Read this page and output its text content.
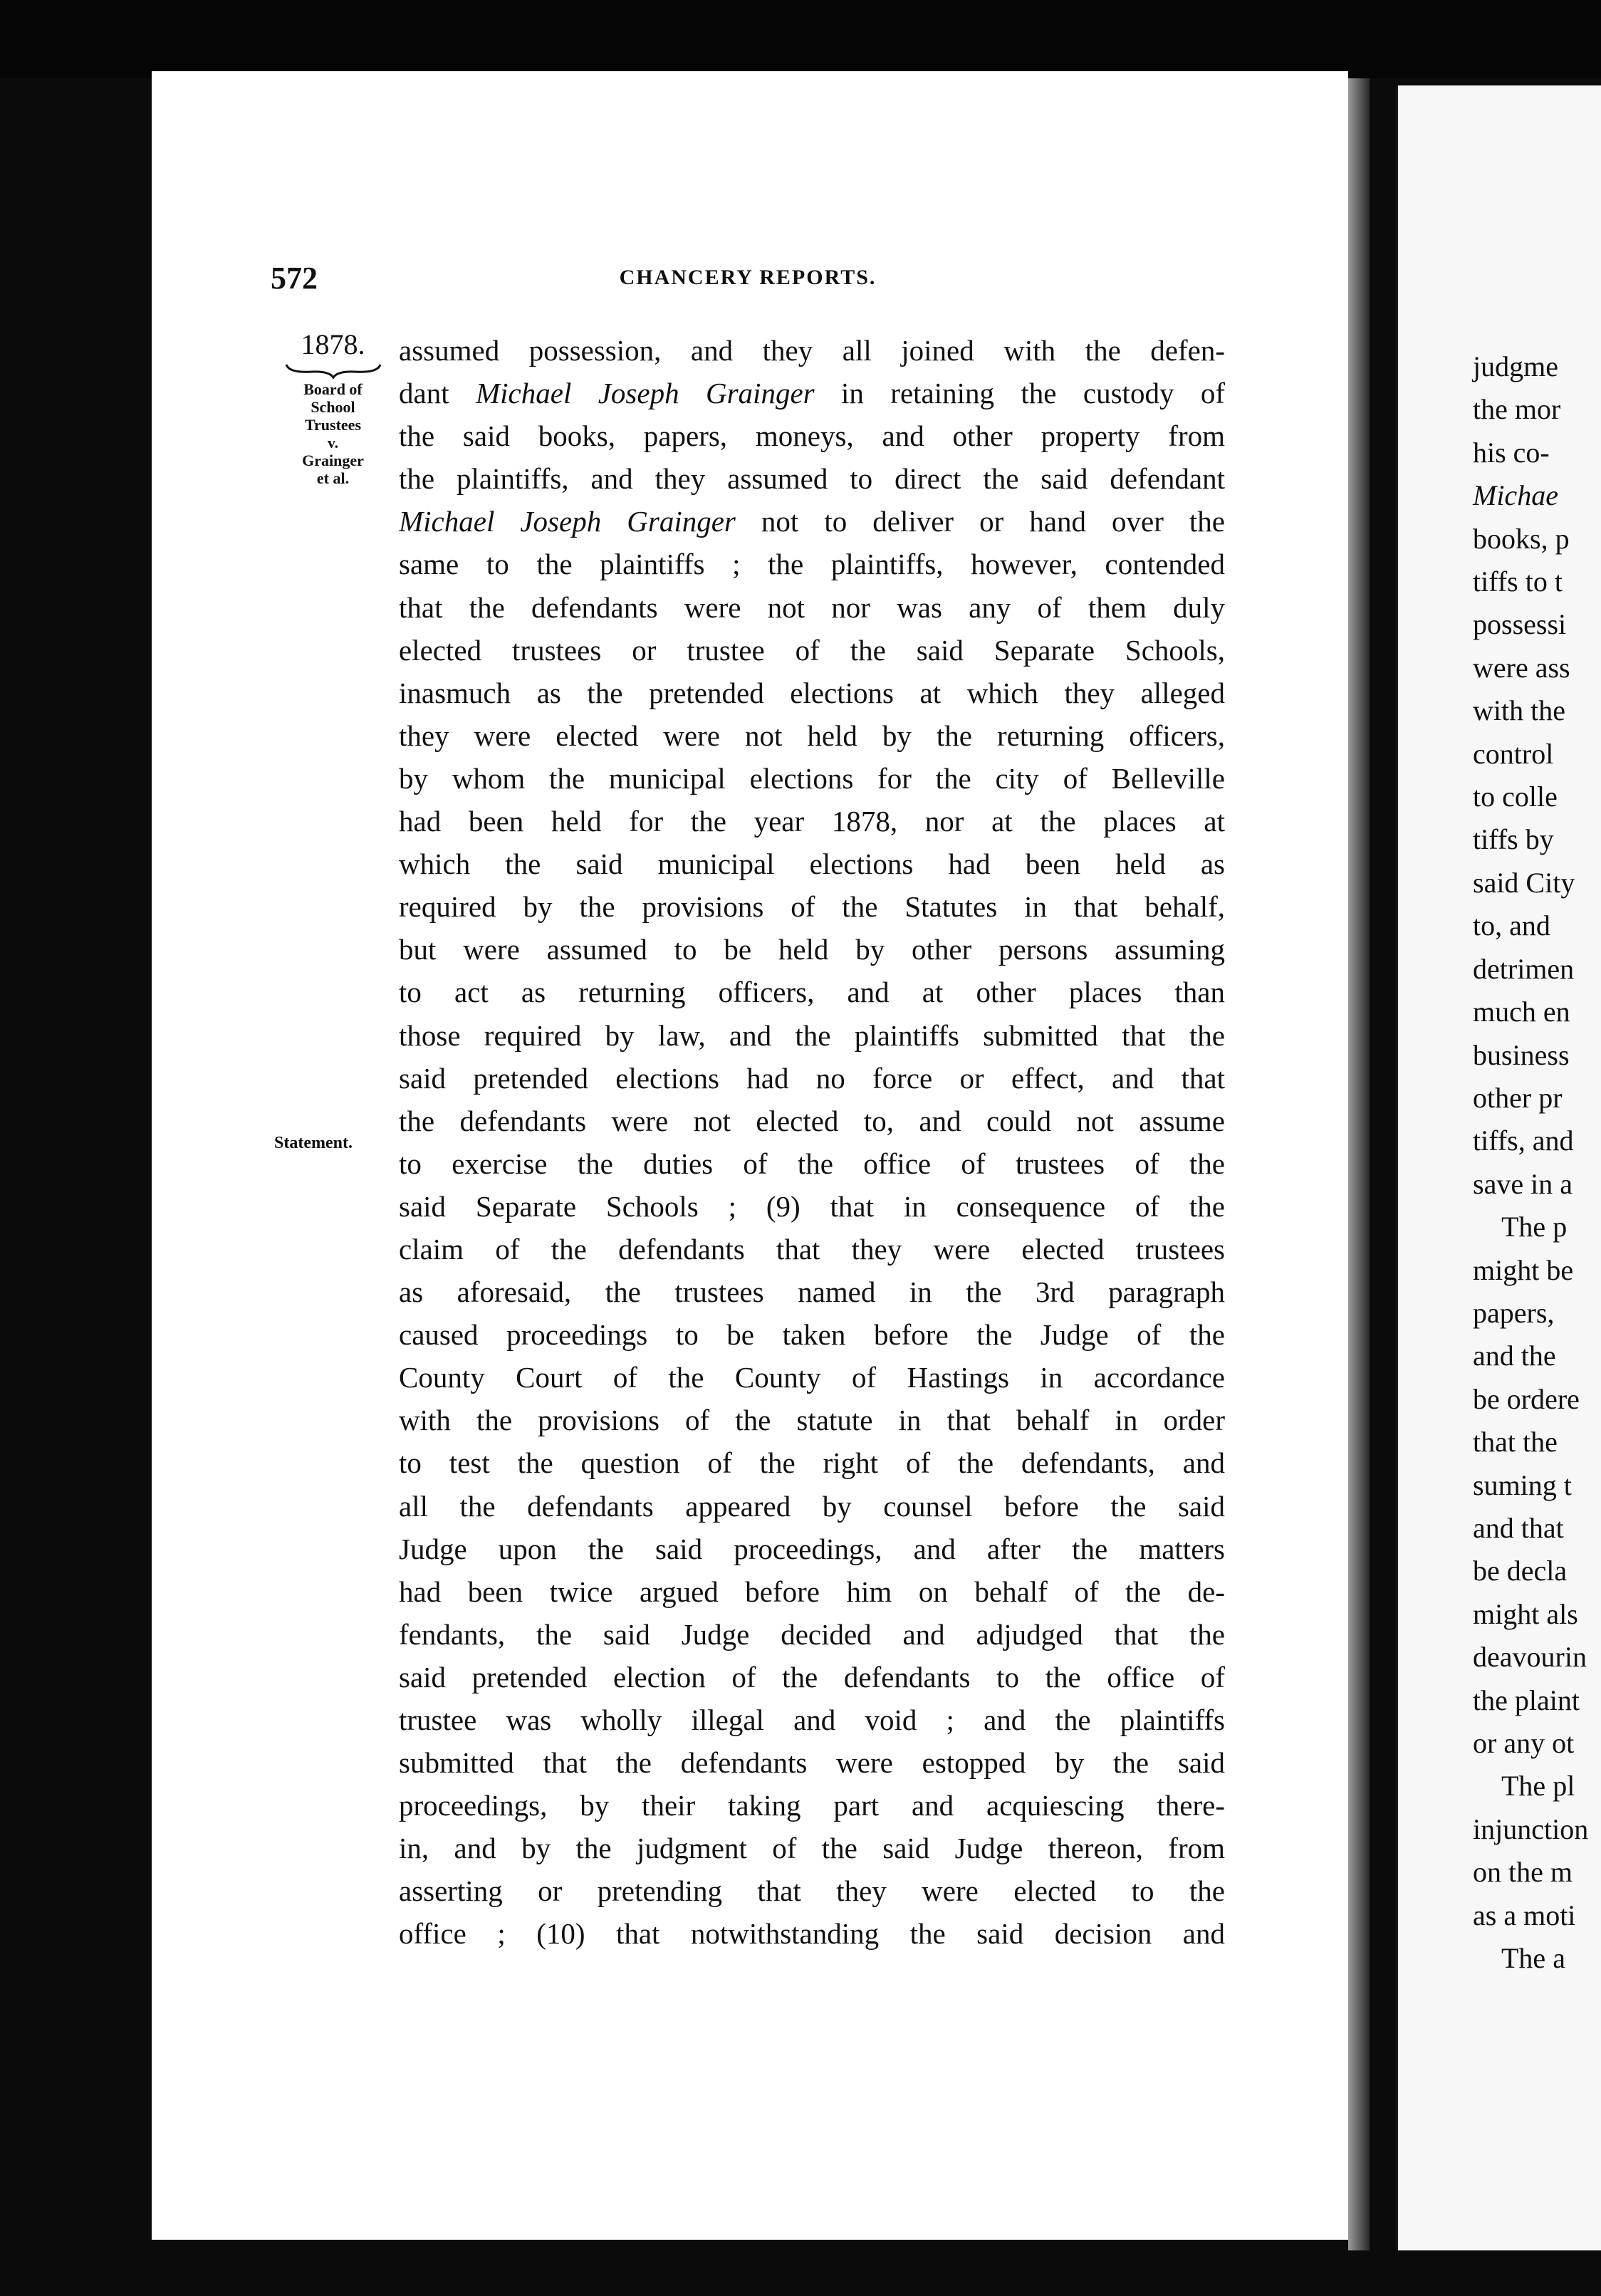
572	CHANCERY REPORTS.
1878.
Board of
School
Trustees
v.
Grainger
et al.
Statement.
assumed possession, and they all joined with the defen-
dant Michael Joseph Grainger in retaining the custody of
the said books, papers, moneys, and other property from
the plaintiffs, and they assumed to direct the said defendant
Michael Joseph Grainger not to deliver or hand over the
same to the plaintiffs ; the plaintiffs, however, contended
that the defendants were not nor was any of them duly
elected trustees or trustee of the said Separate Schools,
inasmuch as the pretended elections at which they alleged
they were elected were not held by the returning officers,
by whom the municipal elections for the city of Belleville
had been held for the year 1878, nor at the places at
which the said municipal elections had been held as
required by the provisions of the Statutes in that behalf,
but were assumed to be held by other persons assuming
to act as returning officers, and at other places than
those required by law, and the plaintiffs submitted that the
said pretended elections had no force or effect, and that
the defendants were not elected to, and could not assume
to exercise the duties of the office of trustees of the
said Separate Schools ; (9) that in consequence of the
claim of the defendants that they were elected trustees
as aforesaid, the trustees named in the 3rd paragraph
caused proceedings to be taken before the Judge of the
County Court of the County of Hastings in accordance
with the provisions of the statute in that behalf in order
to test the question of the right of the defendants, and
all the defendants appeared by counsel before the said
Judge upon the said proceedings, and after the matters
had been twice argued before him on behalf of the de-
fendants, the said Judge decided and adjudged that the
said pretended election of the defendants to the office of
trustee was wholly illegal and void ; and the plaintiffs
submitted that the defendants were estopped by the said
proceedings, by their taking part and acquiescing there-
in, and by the judgment of the said Judge thereon, from
asserting or pretending that they were elected to the
office ; (10) that notwithstanding the said decision and
judgme
the mor
his co-
Michae
books, p
tiffs to t
possessi
were ass
with the
control
to colle
tiffs by
said City
to, and
detrimen
much en
business
other pr
tiffs, and
save in a
The p
might be
papers,
and the
be ordere
that the
suming t
and that
be decla
might als
deavourin
the plaint
or any ot
The pl
injunction
on the m
as a moti
The a
